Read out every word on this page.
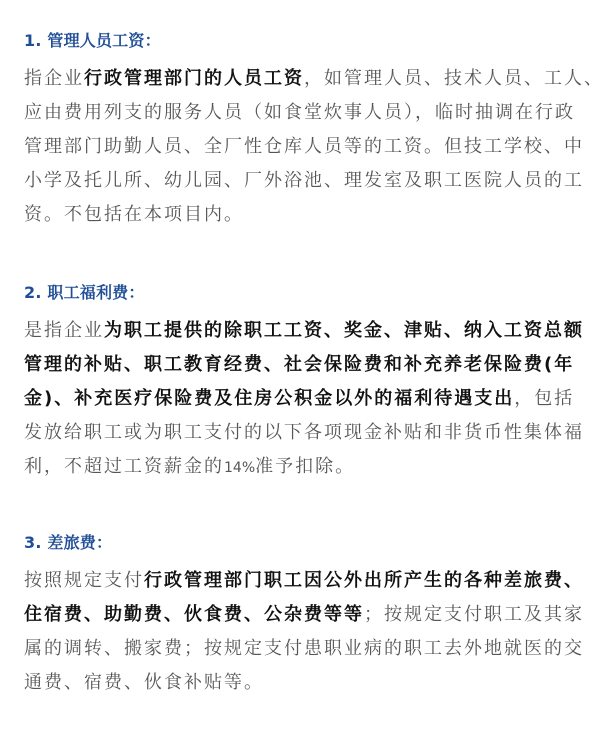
1. 管理人员工资：
指企业行政管理部门的人员工资，如管理人员、技术人员、工人、
应由费用列支的服务人员（如食堂炊事人员），临时抽调在行政
管理部门助勤人员、全厂性仓库人员等的工资。但技工学校、中
小学及托儿所、幼儿园、厂外浴池、理发室及职工医院人员的工
资。不包括在本项目内。
2. 职工福利费：
是指企业为职工提供的除职工工资、奖金、津贴、纳入工资总额
管理的补贴、职工教育经费、社会保险费和补充养老保险费(年
金)、补充医疗保险费及住房公积金以外的福利待遇支出，包括
发放给职工或为职工支付的以下各项现金补贴和非货币性集体福
利，不超过工资薪金的14%准予扣除。
3. 差旅费：
按照规定支付行政管理部门职工因公外出所产生的各种差旅费、
住宿费、助勤费、伙食费、公杂费等等；按规定支付职工及其家
属的调转、搬家费；按规定支付患职业病的职工去外地就医的交
通费、宿费、伙食补贴等。
